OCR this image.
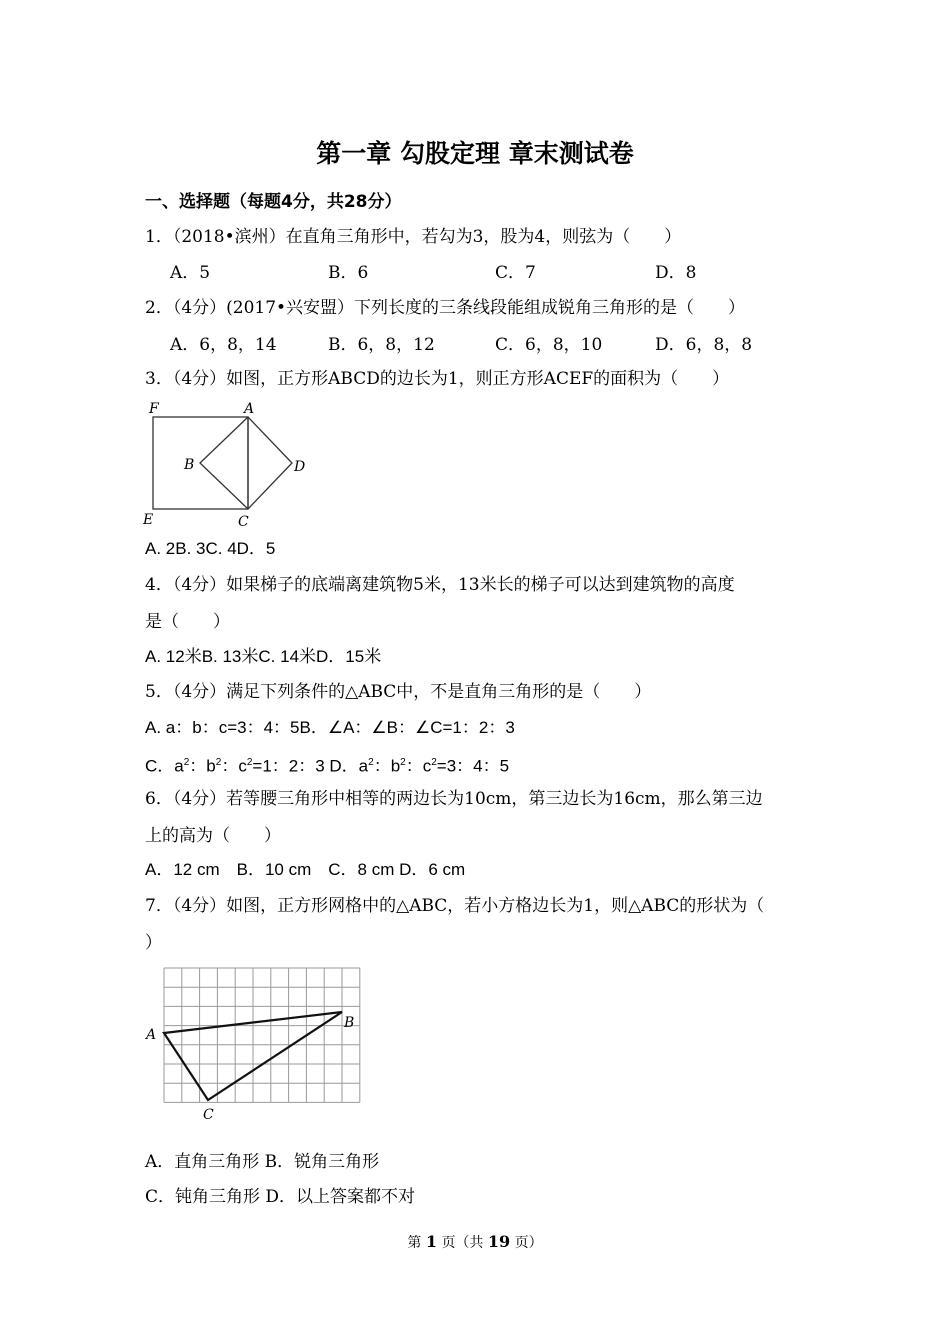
第一章 勾股定理 章末测试卷
一、选择题（每题4分，共28分）
1．（2018•滨州）在直角三角形中，若勾为3，股为4，则弦为（　　）
A．5	B．6	C．7	D．8
2．（4分）(2017•兴安盟）下列长度的三条线段能组成锐角三角形的是（　　）
A．6，8，14	B．6，8，12	C．6，8，10	D．6，8，8
3．（4分）如图，正方形ABCD的边长为1，则正方形ACEF的面积为（　　）
F	A
B	D
E	C
A. 2B. 3C. 4D．5
4．（4分）如果梯子的底端离建筑物5米，13米长的梯子可以达到建筑物的高度
是（　　）
A. 12米B. 13米C. 14米D．15米
5．（4分）满足下列条件的△ABC中，不是直角三角形的是（　　）
A. a：b：c=3：4：5B．∠A：∠B：∠C=1：2：3
C．$a^2$：$b^2$：$c^2=1$：2：3 D．$a^2$：$b^2$：$c^2=3$：4：5
6．（4分）若等腰三角形中相等的两边长为10cm，第三边长为16cm，那么第三边
上的高为（　　）
A．12 cm　B．10 cm　C．8 cm D．6 cm
7．（4分）如图，正方形网格中的△ABC，若小方格边长为1，则△ABC的形状为（
）
A
B
C
A．直角三角形 B．锐角三角形
C．钝角三角形 D．以上答案都不对
第 1 页（共 19 页）
